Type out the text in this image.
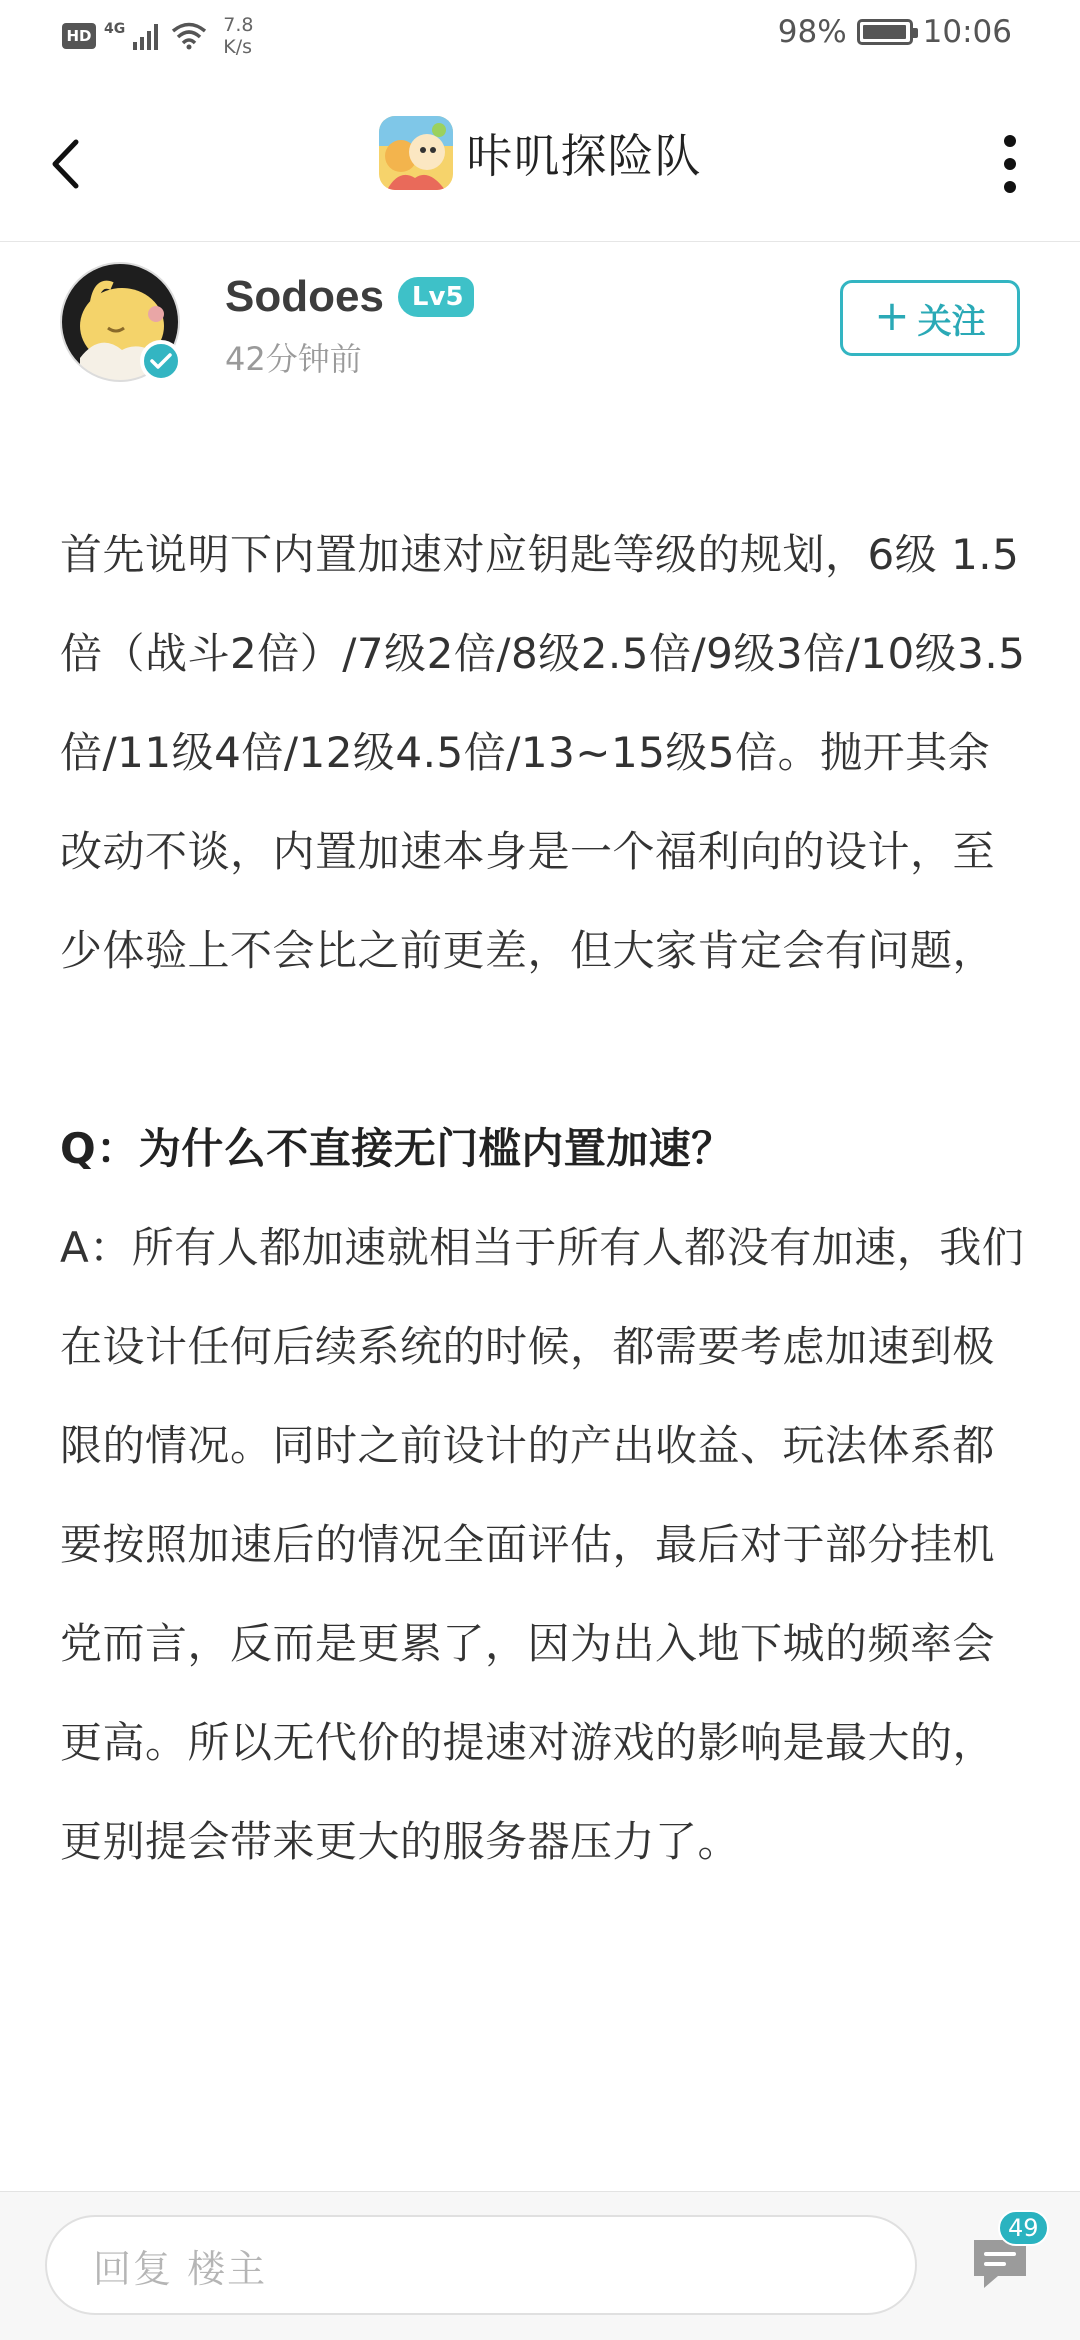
HD 4G	7.8
K/s	98% 10:06
咔叽探险队
Sodoes	Lv5
42分钟前
+ 关注

首先说明下内置加速对应钥匙等级的规划，6级 1.5倍（战斗2倍）/7级2倍/8级2.5倍/9级3倍/10级3.5倍/11级4倍/12级4.5倍/13~15级5倍。抛开其余改动不谈，内置加速本身是一个福利向的设计，至少体验上不会比之前更差，但大家肯定会有问题，

Q：为什么不直接无门槛内置加速？

A：所有人都加速就相当于所有人都没有加速，我们在设计任何后续系统的时候，都需要考虑加速到极限的情况。同时之前设计的产出收益、玩法体系都要按照加速后的情况全面评估，最后对于部分挂机党而言，反而是更累了，因为出入地下城的频率会更高。所以无代价的提速对游戏的影响是最大的， 更别提会带来更大的服务器压力了。

回复 楼主
49
